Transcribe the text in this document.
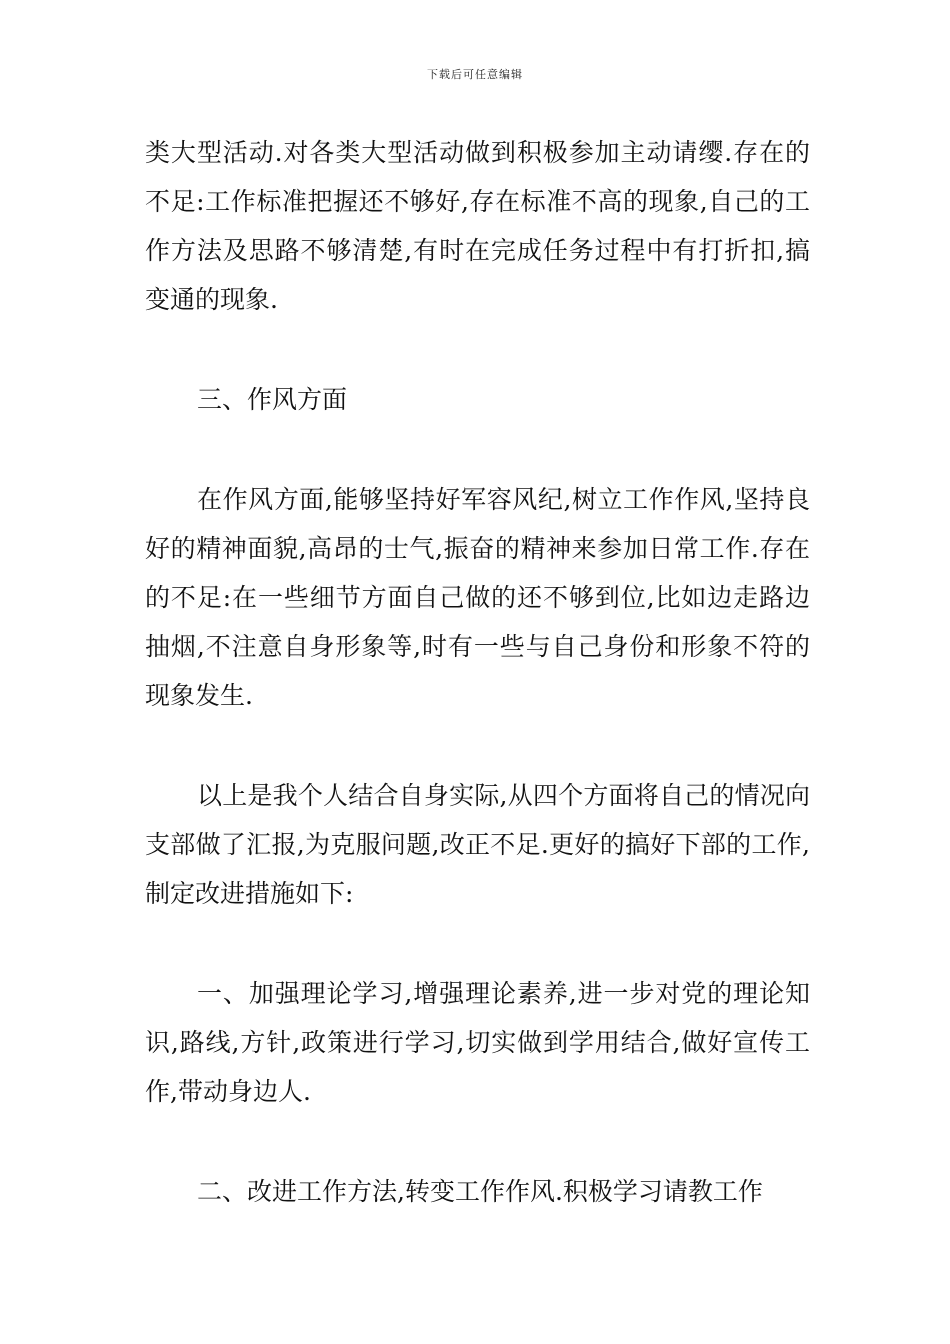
下载后可任意编辑

类大型活动.对各类大型活动做到积极参加主动请缨.存在的不足:工作标准把握还不够好,存在标准不高的现象,自己的工作方法及思路不够清楚,有时在完成任务过程中有打折扣,搞变通的现象.

三、作风方面

在作风方面,能够坚持好军容风纪,树立工作作风,坚持良好的精神面貌,高昂的士气,振奋的精神来参加日常工作.存在的不足:在一些细节方面自己做的还不够到位,比如边走路边抽烟,不注意自身形象等,时有一些与自己身份和形象不符的现象发生.

以上是我个人结合自身实际,从四个方面将自己的情况向支部做了汇报,为克服问题,改正不足.更好的搞好下部的工作,制定改进措施如下:

一、加强理论学习,增强理论素养,进一步对党的理论知识,路线,方针,政策进行学习,切实做到学用结合,做好宣传工作,带动身边人.

二、改进工作方法,转变工作作风.积极学习请教工作
